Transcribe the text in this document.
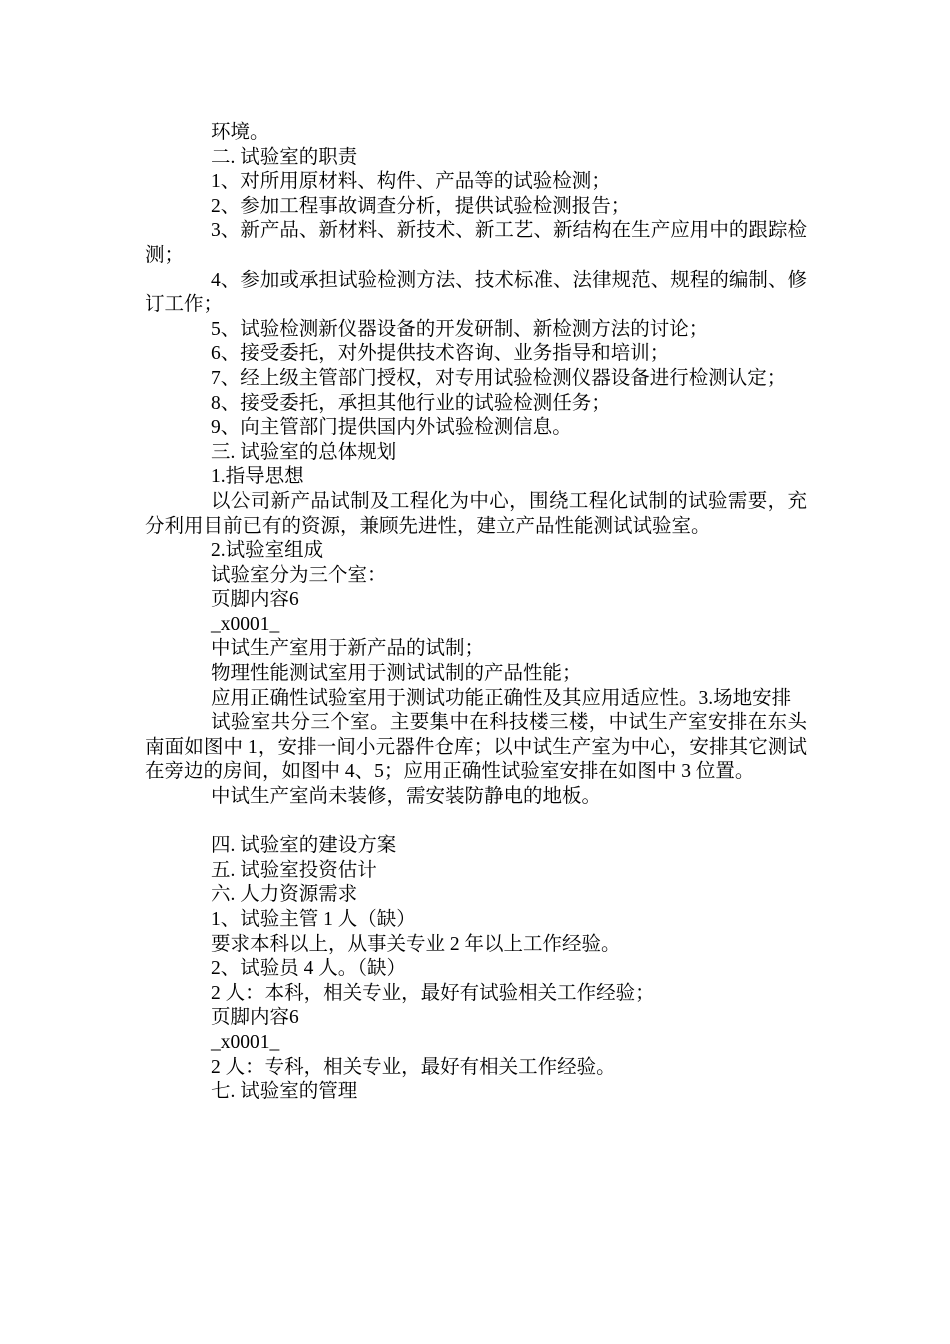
环境。

二. 试验室的职责

1、对所用原材料、构件、产品等的试验检测；

2、参加工程事故调查分析，提供试验检测报告；

3、新产品、新材料、新技术、新工艺、新结构在生产应用中的跟踪检测；

4、参加或承担试验检测方法、技术标准、法律规范、规程的编制、修订工作；

5、试验检测新仪器设备的开发研制、新检测方法的讨论；

6、接受委托，对外提供技术咨询、业务指导和培训；

7、经上级主管部门授权，对专用试验检测仪器设备进行检测认定；

8、接受委托，承担其他行业的试验检测任务；

9、向主管部门提供国内外试验检测信息。

三. 试验室的总体规划

1.指导思想

以公司新产品试制及工程化为中心，围绕工程化试制的试验需要，充分利用目前已有的资源，兼顾先进性，建立产品性能测试试验室。

2.试验室组成

试验室分为三个室：

页脚内容6

_x0001_

中试生产室用于新产品的试制；

物理性能测试室用于测试试制的产品性能；

应用正确性试验室用于测试功能正确性及其应用适应性。3.场地安排

试验室共分三个室。主要集中在科技楼三楼，中试生产室安排在东头南面如图中 1，安排一间小元器件仓库；以中试生产室为中心，安排其它测试在旁边的房间，如图中 4、5；应用正确性试验室安排在如图中 3 位置。

中试生产室尚未装修，需安装防静电的地板。

四. 试验室的建设方案

五. 试验室投资估计

六. 人力资源需求

1、试验主管 1 人（缺）

要求本科以上，从事关专业 2 年以上工作经验。

2、试验员 4 人。（缺）

2 人：本科，相关专业，最好有试验相关工作经验；

页脚内容6

_x0001_

2 人：专科，相关专业，最好有相关工作经验。

七. 试验室的管理
